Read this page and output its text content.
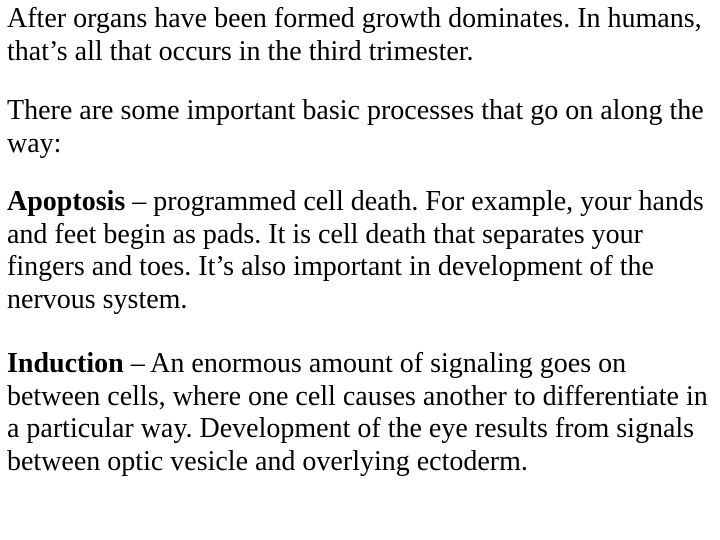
After organs have been formed growth dominates. In humans, that’s all that occurs in the third trimester.

There are some important basic processes that go on along the way:

Apoptosis – programmed cell death. For example, your hands and feet begin as pads. It is cell death that separates your fingers and toes. It’s also important in development of the nervous system.

Induction – An enormous amount of signaling goes on between cells, where one cell causes another to differentiate in a particular way. Development of the eye results from signals between optic vesicle and overlying ectoderm.
